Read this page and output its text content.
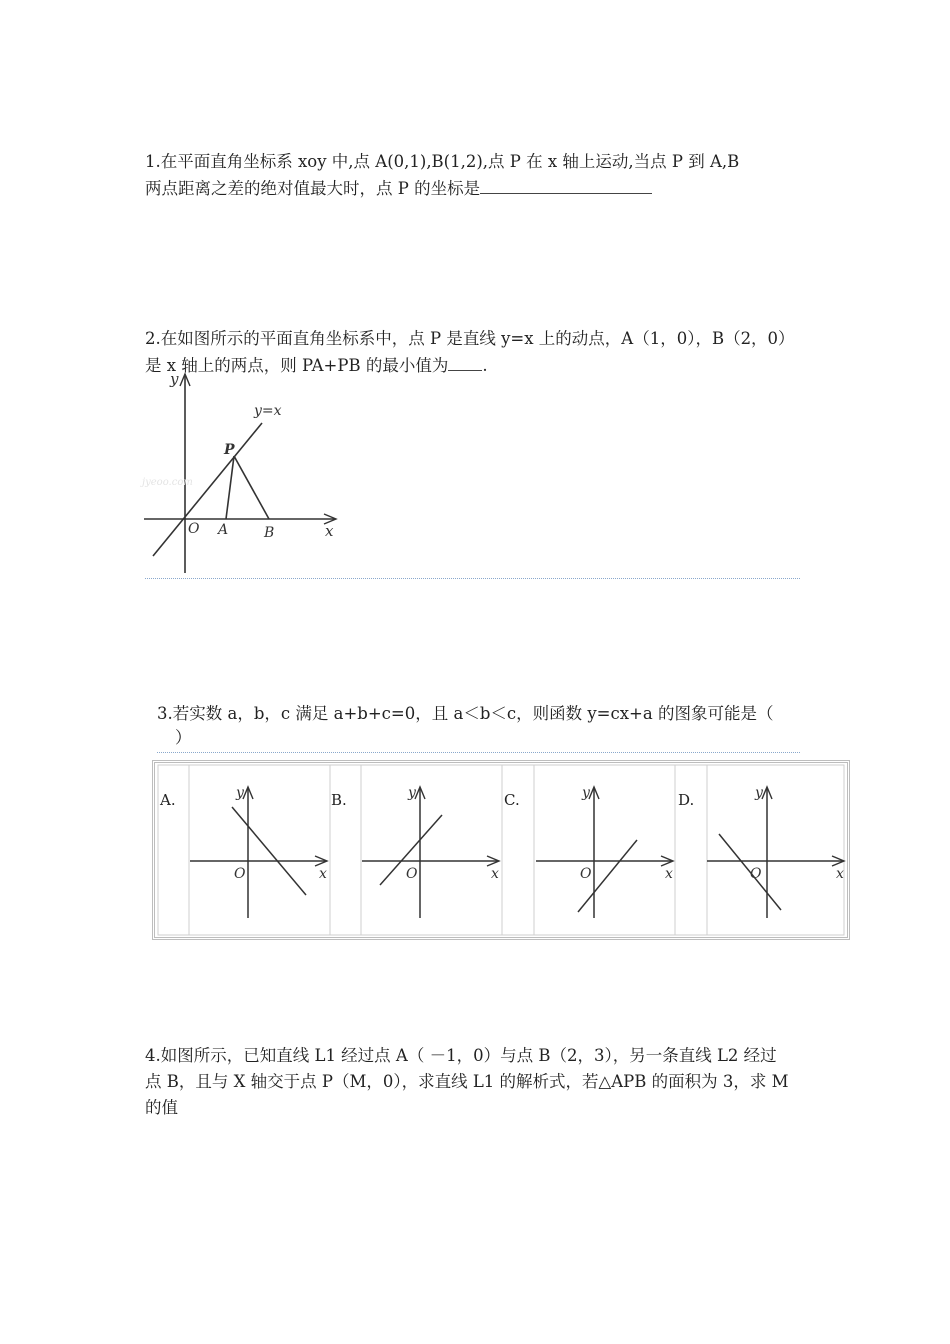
1.在平面直角坐标系 xoy 中,点 A(0,1),B(1,2),点 P 在 x 轴上运动,当点 P 到 A,B
两点距离之差的绝对值最大时，点 P 的坐标是
2.在如图所示的平面直角坐标系中，点 P 是直线 y=x 上的动点，A（1，0），B（2，0）
是 x 轴上的两点，则 PA+PB 的最小值为 .
y
x
y=x
O A	B
P
jyeoo.com
3.若实数 a，b，c 满足 a+b+c=0，且 a＜b＜c，则函数 y=cx+a 的图象可能是（
）
A.	y
x
O
B.	y
x
O
C.	y
x
O
D.	y
x
O
4.如图所示，已知直线 L1 经过点 A（ －1，0）与点 B（2，3），另一条直线 L2 经过
点 B，且与 X 轴交于点 P（M，0），求直线 L1 的解析式，若△APB 的面积为 3，求 M
的值
